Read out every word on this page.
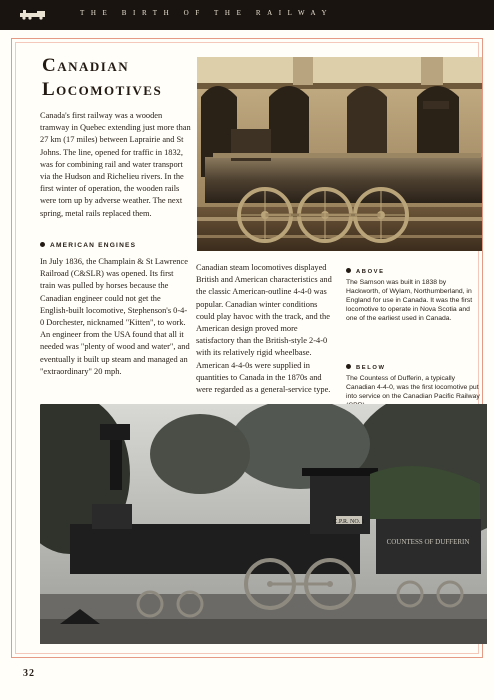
THE BIRTH OF THE RAILWAY
Canadian
Locomotives
Canada's first railway was a wooden tramway in Quebec extending just more than 27 km (17 miles) between Laprairie and St Johns. The line, opened for traffic in 1832, was for combining rail and water transport via the Hudson and Richelieu rivers. In the first winter of operation, the wooden rails were torn up by adverse weather. The next spring, metal rails replaced them.
AMERICAN ENGINES
In July 1836, the Champlain & St Lawrence Railroad (C&SLR) was opened. Its first train was pulled by horses because the Canadian engineer could not get the English-built locomotive, Stephenson's 0-4-0 Dorchester, nicknamed "Kitten", to work. An engineer from the USA found that all it needed was "plenty of wood and water", and eventually it built up steam and managed an "extraordinary" 20 mph.
Canadian steam locomotives displayed British and American characteristics and the classic American-outline 4-4-0 was popular. Canadian winter conditions could play havoc with the track, and the American design proved more satisfactory than the British-style 2-4-0 with its relatively rigid wheelbase. American 4-4-0s were supplied in quantities to Canada in the 1870s and were regarded as a general-service type.
ABOVE
The Samson was built in 1838 by Hackworth, of Wylam, Northumberland, in England for use in Canada. It was the first locomotive to operate in Nova Scotia and one of the earliest used in Canada.
BELOW
The Countess of Dufferin, a typically Canadian 4-4-0, was the first locomotive put into service on the Canadian Pacific Railway
C.P.R. NO. 1
COUNTESS OF DUFFERIN
32
